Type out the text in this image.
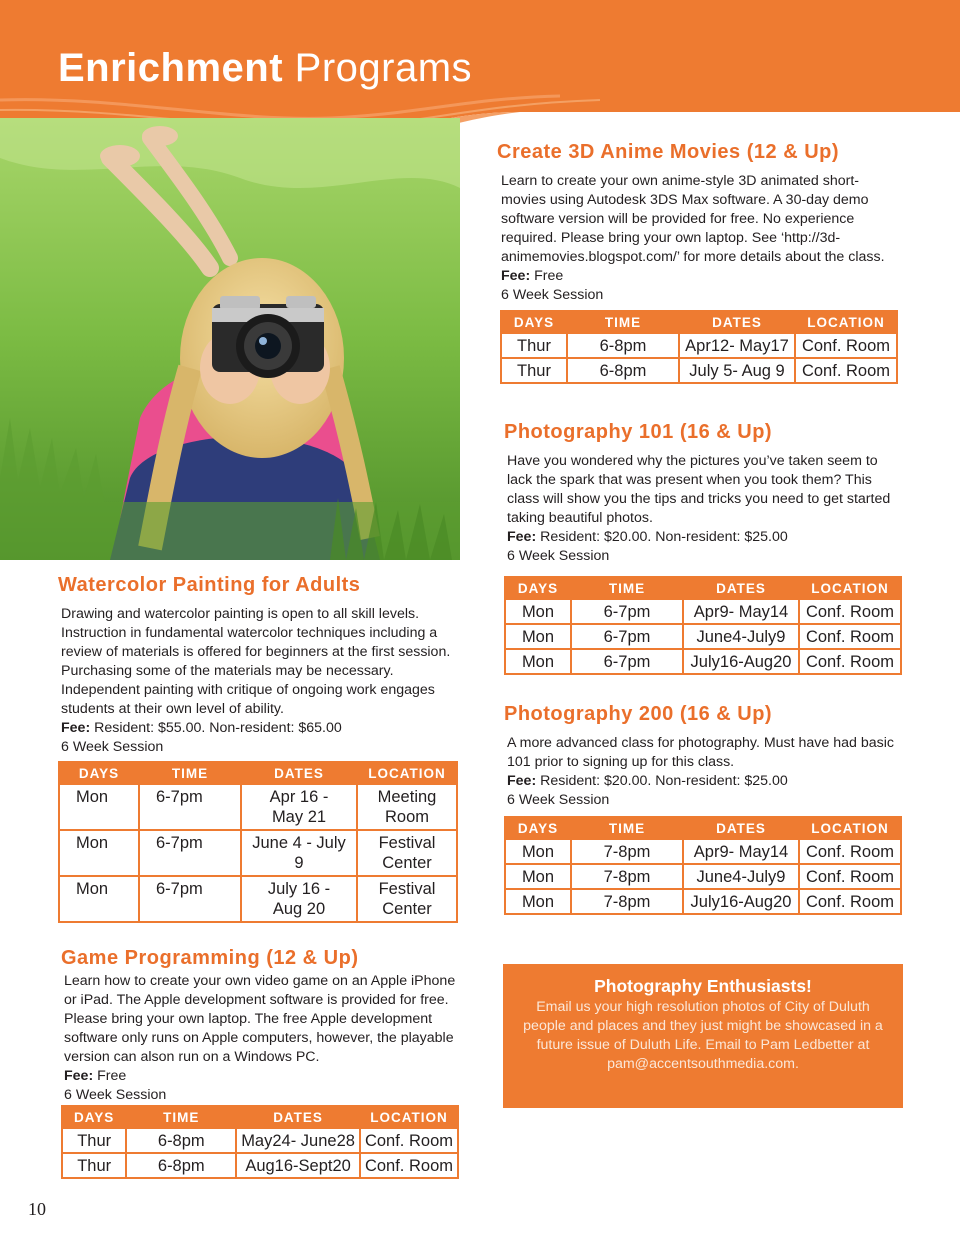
Enrichment Programs
Create 3D Anime Movies (12 & Up)
Learn to create your own anime-style 3D animated short-movies using Autodesk 3DS Max software. A 30-day demo software version will be provided for free. No experience required. Please bring your own laptop. See ‘http://3d-animemovies.blogspot.com/’ for more details about the class.
Fee: Free
6 Week Session
DAYS	TIME	DATES	LOCATION
Thur	6-8pm	Apr12- May17	Conf. Room
Thur	6-8pm	July 5- Aug 9	Conf. Room
Photography 101 (16 & Up)
Have you wondered why the pictures you’ve taken seem to lack the spark that was present when you took them? This class will show you the tips and tricks you need to get started taking beautiful photos.
Fee: Resident: $20.00. Non-resident: $25.00
6 Week Session
DAYS	TIME	DATES	LOCATION
Mon	6-7pm	Apr9- May14	Conf. Room
Mon	6-7pm	June4-July9	Conf. Room
Mon	6-7pm	July16-Aug20	Conf. Room
Photography 200 (16 & Up)
A more advanced class for photography. Must have had basic 101 prior to signing up for this class.
Fee: Resident: $20.00. Non-resident: $25.00
6 Week Session
DAYS	TIME	DATES	LOCATION
Mon	7-8pm	Apr9- May14	Conf. Room
Mon	7-8pm	June4-July9	Conf. Room
Mon	7-8pm	July16-Aug20	Conf. Room
Watercolor Painting for Adults
Drawing and watercolor painting is open to all skill levels. Instruction in fundamental watercolor techniques including a review of materials is offered for beginners at the first session. Purchasing some of the materials may be necessary. Independent painting with critique of ongoing work engages students at their own level of ability.
Fee: Resident: $55.00. Non-resident: $65.00
6 Week Session
DAYS	TIME	DATES	LOCATION
Mon	6-7pm	Apr 16 - May 21	Meeting Room
Mon	6-7pm	June 4 - July 9	Festival Center
Mon	6-7pm	July 16 - Aug 20	Festival Center
Game Programming (12 & Up)
Learn how to create your own video game on an Apple iPhone or iPad. The Apple development software is provided for free. Please bring your own laptop. The free Apple development software only runs on Apple computers, however, the playable version can alson run on a Windows PC.
Fee: Free
6 Week Session
DAYS	TIME	DATES	LOCATION
Thur	6-8pm	May24- June28	Conf. Room
Thur	6-8pm	Aug16-Sept20	Conf. Room
Photography Enthusiasts!
Email us your high resolution photos of City of Duluth people and places and they just might be showcased in a future issue of Duluth Life. Email to Pam Ledbetter at pam@accentsouthmedia.com.
10
